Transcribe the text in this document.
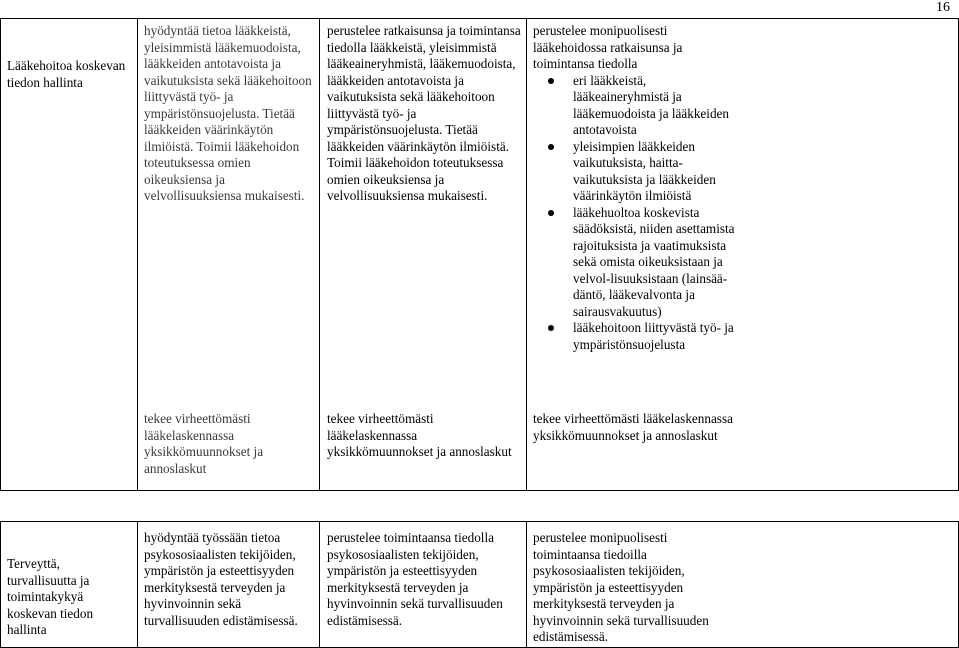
16
Lääkehoitoa koskevan tiedon hallinta
hyödyntää tietoa lääkkeistä, yleisimmistä lääkemuodoista, lääkkeiden antotavoista ja vaikutuksista sekä lääkehoitoon liittyvästä työ- ja ympäristönsuojelusta. Tietää lääkkeiden väärinkäytön ilmiöistä. Toimii lääkehoidon toteutuksessa omien oikeuksiensa ja velvollisuuksiensa mukaisesti.
tekee virheettömästi lääkelaskennassa yksikkömuunnokset ja annoslaskut
perustelee ratkaisunsa ja toimintansa tiedolla lääkkeistä, yleisimmistä lääkeaineryhmistä, lääkemuodoista, lääkkeiden antotavoista ja vaikutuksista sekä lääkehoitoon liittyvästä työ- ja ympäristönsuojelusta. Tietää lääkkeiden väärinkäytön ilmiöistä. Toimii lääkehoidon toteutuksessa omien oikeuksiensa ja velvollisuuksiensa mukaisesti.
tekee virheettömästi lääkelaskennassa yksikkömuunnokset ja annoslaskut

perustelee monipuolisesti lääkehoidossa ratkaisunsa ja toimintansa tiedolla

eri lääkkeistä, lääkeaineryhmistä ja lääkemuodoista ja lääkkeiden antotavoista
yleisimpien lääkkeiden vaikutuksista, haitta-vaikutuksista ja lääkkeiden väärinkäytön ilmiöistä
lääkehuoltoa koskevista säädöksistä, niiden asettamista rajoituksista ja vaatimuksista sekä omista oikeuksistaan ja velvol-lisuuksistaan (lainsää-däntö, lääkevalvonta ja sairausvakuutus)
lääkehoitoon liittyvästä työ- ja ympäristönsuojelusta
tekee virheettömästi lääkelaskennassa yksikkömuunnokset ja annoslaskut
Terveyttä, turvallisuutta ja toimintakykyä koskevan tiedon hallinta
hyödyntää työssään tietoa psykososiaalisten tekijöiden, ympäristön ja esteettisyyden merkityksestä terveyden ja hyvinvoinnin sekä turvallisuuden edistämisessä.
perustelee toimintaansa tiedolla psykososiaalisten tekijöiden, ympäristön ja esteettisyyden merkityksestä terveyden ja hyvinvoinnin sekä turvallisuuden edistämisessä.
perustelee monipuolisesti toimintaansa tiedoilla psykososiaalisten tekijöiden, ympäristön ja esteettisyyden merkityksestä terveyden ja hyvinvoinnin sekä turvallisuuden edistämisessä.
